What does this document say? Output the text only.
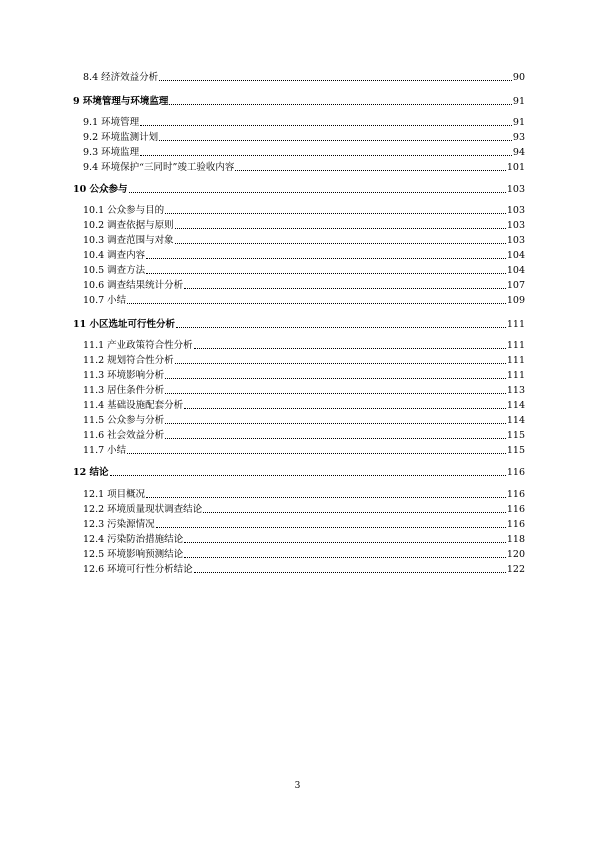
8.4 经济效益分析	90
9 环境管理与环境监理	91
9.1 环境管理	91
9.2 环境监测计划	93
9.3 环境监理	94
9.4 环境保护“三同时”竣工验收内容	101
10 公众参与	103
10.1 公众参与目的	103
10.2 调查依据与原则	103
10.3 调查范围与对象	103
10.4 调查内容	104
10.5 调查方法	104
10.6 调查结果统计分析	107
10.7 小结	109
11 小区选址可行性分析	111
11.1 产业政策符合性分析	111
11.2 规划符合性分析	111
11.3 环境影响分析	111
11.3 居住条件分析	113
11.4 基础设施配套分析	114
11.5 公众参与分析	114
11.6 社会效益分析	115
11.7 小结	115
12 结论	116
12.1 项目概况	116
12.2 环境质量现状调查结论	116
12.3 污染源情况	116
12.4 污染防治措施结论	118
12.5 环境影响预测结论	120
12.6 环境可行性分析结论	122
3
